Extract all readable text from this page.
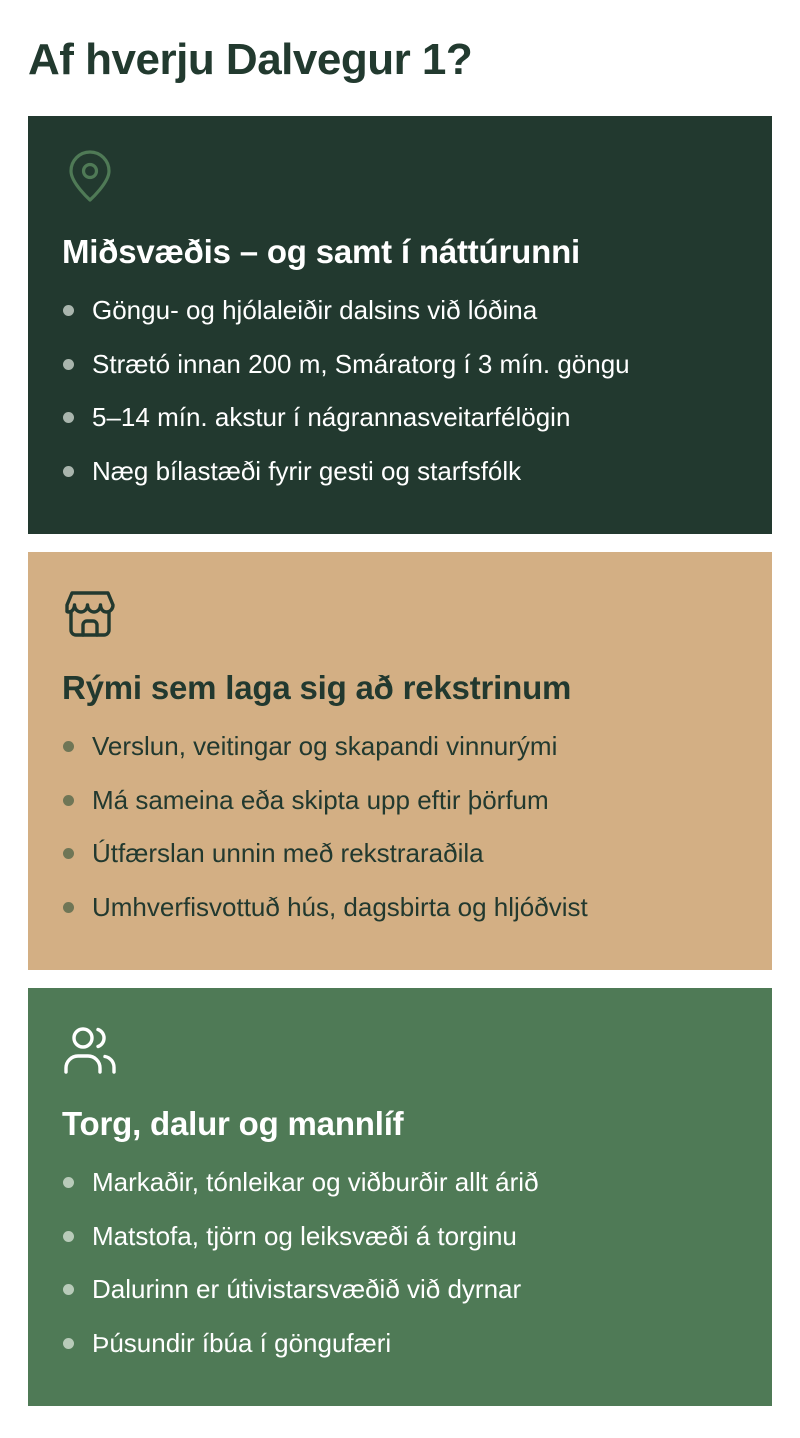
Af hverju Dalvegur 1?
Miðsvæðis – og samt í náttúrunni
Göngu- og hjólaleiðir dalsins við lóðina
Strætó innan 200 m, Smáratorg í 3 mín. göngu
5–14 mín. akstur í nágrannasveitarfélögin
Næg bílastæði fyrir gesti og starfsfólk
Rými sem laga sig að rekstrinum
Verslun, veitingar og skapandi vinnurými
Má sameina eða skipta upp eftir þörfum
Útfærslan unnin með rekstraraðila
Umhverfisvottuð hús, dagsbirta og hljóðvist
Torg, dalur og mannlíf
Markaðir, tónleikar og viðburðir allt árið
Matstofa, tjörn og leiksvæði á torginu
Dalurinn er útivistarsvæðið við dyrnar
Þúsundir íbúa í göngufæri
